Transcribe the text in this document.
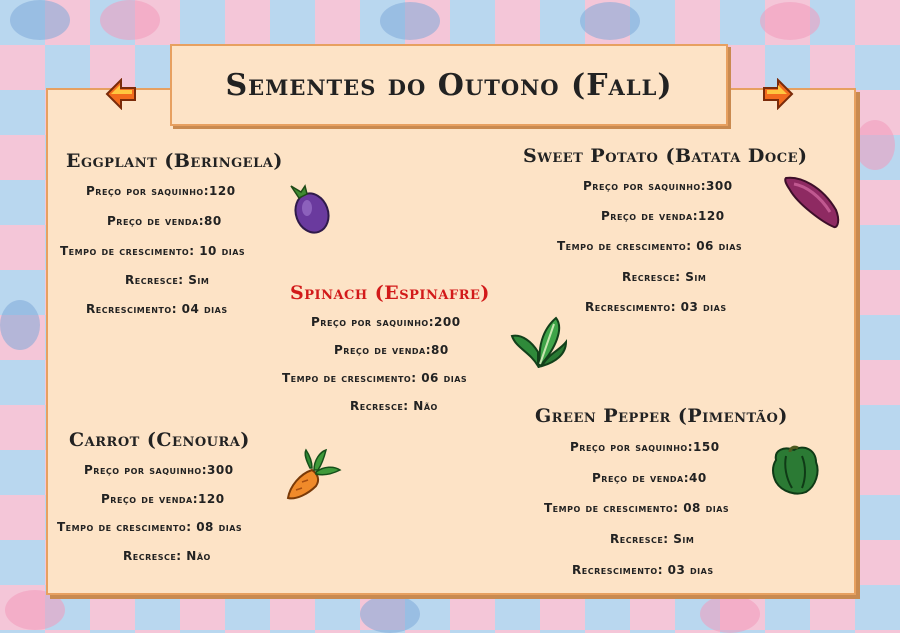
Sementes do Outono (Fall)
Eggplant (Beringela)
Preço por saquinho:120
Preço de venda:80
Tempo de crescimento: 10 dias
Recresce: Sim
Recrescimento: 04 dias
Sweet Potato (Batata Doce)
Preço por saquinho:300
Preço de venda:120
Tempo de crescimento: 06 dias
Recresce: Sim
Recrescimento: 03 dias
Spinach (Espinafre)
Preço por saquinho:200
Preço de venda:80
Tempo de crescimento: 06 dias
Recresce: Não
Carrot (Cenoura)
Preço por saquinho:300
Preço de venda:120
Tempo de crescimento: 08 dias
Recresce: Não
Green Pepper (Pimentão)
Preço por saquinho:150
Preço de venda:40
Tempo de crescimento: 08 dias
Recresce: Sim
Recrescimento: 03 dias
